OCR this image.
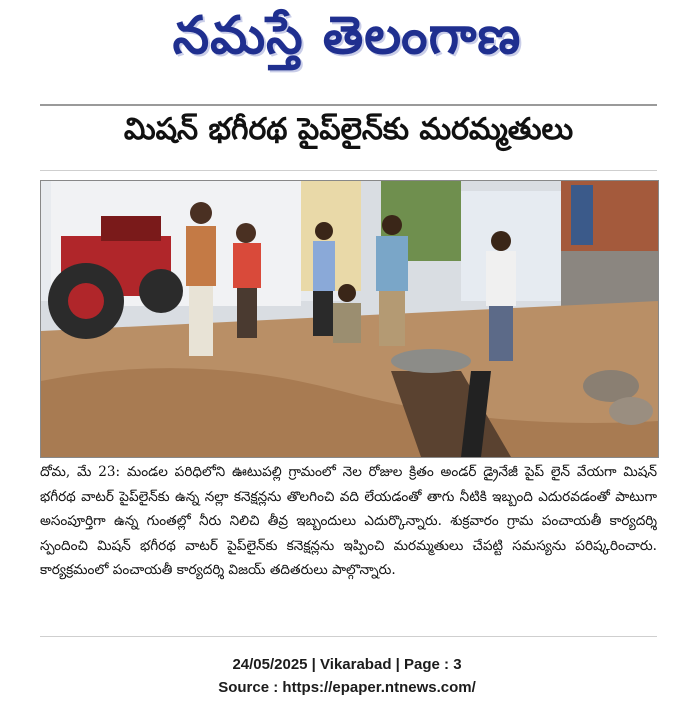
నమస్తే తెలంగాణ
మిషన్ భగీరథ పైప్‌లైన్‌కు మరమ్మతులు
దోమ, మే 23: మండల పరిధిలోని ఊటుపల్లి గ్రామంలో నెల రోజుల క్రితం అండర్ డ్రైనేజీ పైప్ లైన్ వేయగా మిషన్ భగీరథ వాటర్ పైప్‌లైన్‌కు ఉన్న నల్లా కనెక్షన్లను తొలగించి వది లేయడంతో తాగు నీటికి ఇబ్బంది ఎదురవడంతో పాటుగా అసంపూర్తిగా ఉన్న గుంతల్లో నీరు నిలిచి తీవ్ర ఇబ్బందులు ఎదుర్కొన్నారు. శుక్రవారం గ్రామ పంచాయతీ కార్యదర్శి స్పందించి మిషన్ భగీరథ వాటర్ పైప్‌లైన్‌కు కనెక్షన్లను ఇప్పించి మరమ్మతులు చేపట్టి సమస్యను పరిష్కరించారు. కార్యక్రమంలో పంచాయతీ కార్యదర్శి విజయ్ తదితరులు పాల్గొన్నారు.
24/05/2025 | Vikarabad | Page : 3
Source : https://epaper.ntnews.com/
